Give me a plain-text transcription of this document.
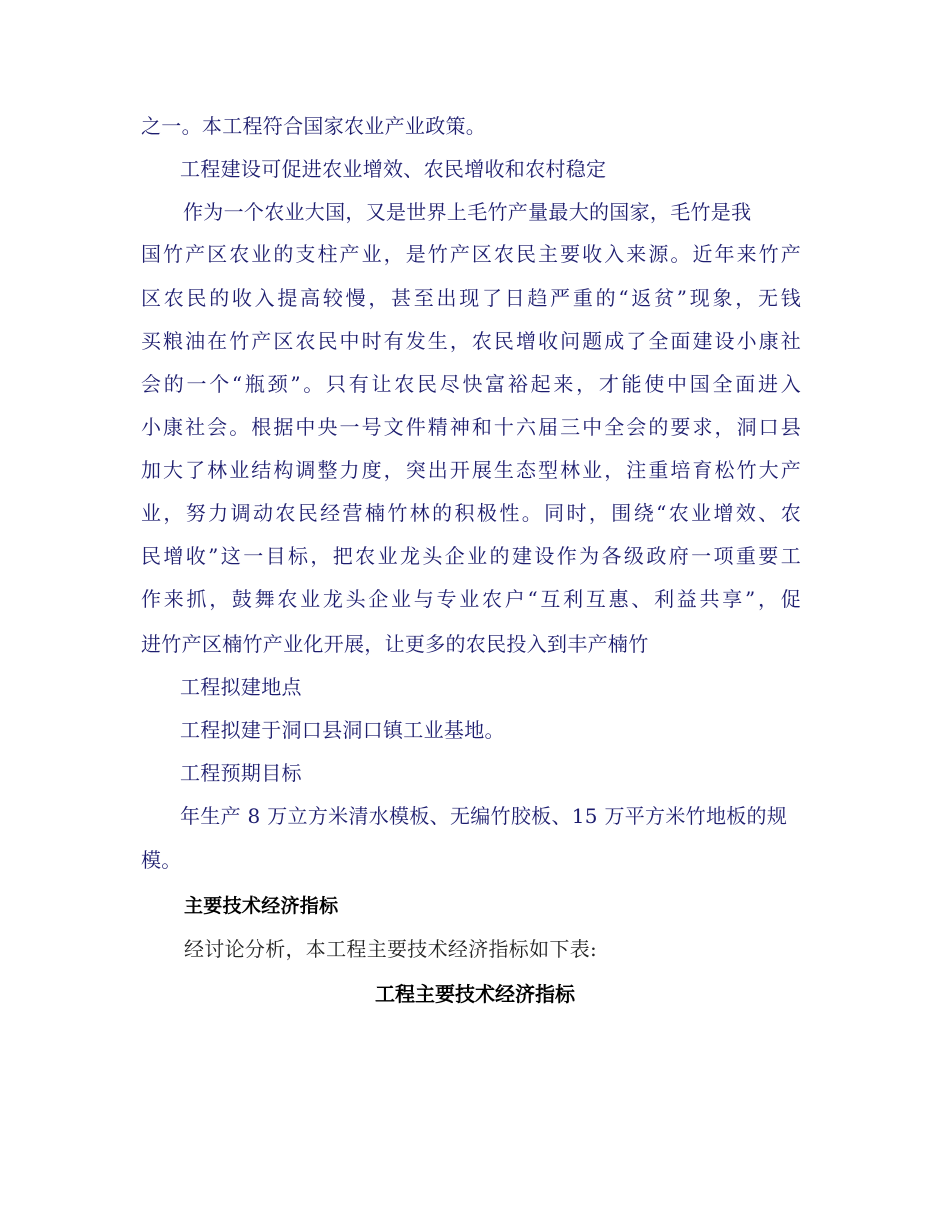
之一。本工程符合国家农业产业政策。
工程建设可促进农业增效、农民增收和农村稳定
作为一个农业大国，又是世界上毛竹产量最大的国家，毛竹是我
国竹产区农业的支柱产业，是竹产区农民主要收入来源。近年来竹产
区农民的收入提高较慢，甚至出现了日趋严重的“返贫”现象，无钱
买粮油在竹产区农民中时有发生，农民增收问题成了全面建设小康社
会的一个“瓶颈”。只有让农民尽快富裕起来，才能使中国全面进入
小康社会。根据中央一号文件精神和十六届三中全会的要求，洞口县
加大了林业结构调整力度，突出开展生态型林业，注重培育松竹大产
业，努力调动农民经营楠竹林的积极性。同时，围绕“农业增效、农
民增收”这一目标，把农业龙头企业的建设作为各级政府一项重要工
作来抓，鼓舞农业龙头企业与专业农户“互利互惠、利益共享”，促
进竹产区楠竹产业化开展，让更多的农民投入到丰产楠竹
工程拟建地点
工程拟建于洞口县洞口镇工业基地。
工程预期目标
年生产 8 万立方米清水模板、无编竹胶板、15 万平方米竹地板的规
模。
主要技术经济指标
经讨论分析，本工程主要技术经济指标如下表:
工程主要技术经济指标
